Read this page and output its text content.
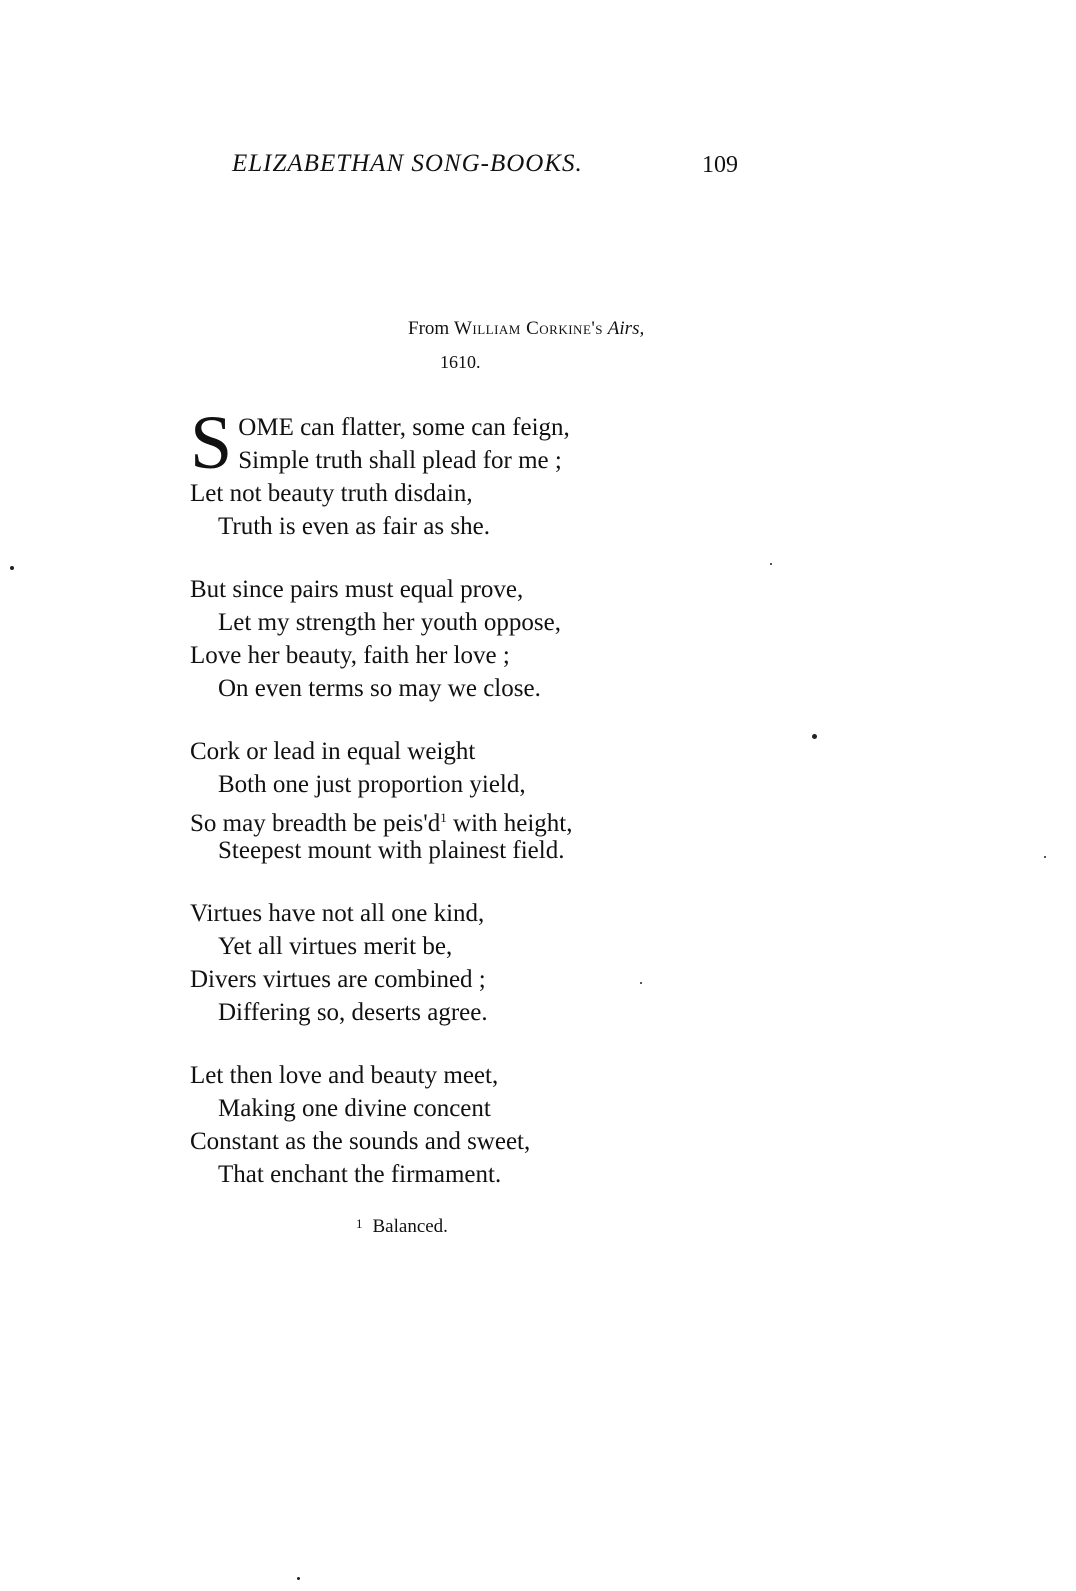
ELIZABETHAN SONG-BOOKS.	109
From William Corkine's Airs,
1610.
S OME can flatter, some can feign,
Simple truth shall plead for me ;
Let not beauty truth disdain,
Truth is even as fair as she.
But since pairs must equal prove,
Let my strength her youth oppose,
Love her beauty, faith her love ;
On even terms so may we close.
Cork or lead in equal weight
Both one just proportion yield,
So may breadth be peis'd$^1$ with height,
Steepest mount with plainest field.
Virtues have not all one kind,
Yet all virtues merit be,
Divers virtues are combined ;
Differing so, deserts agree.
Let then love and beauty meet,
Making one divine concent
Constant as the sounds and sweet,
That enchant the firmament.
$^1$ Balanced.
